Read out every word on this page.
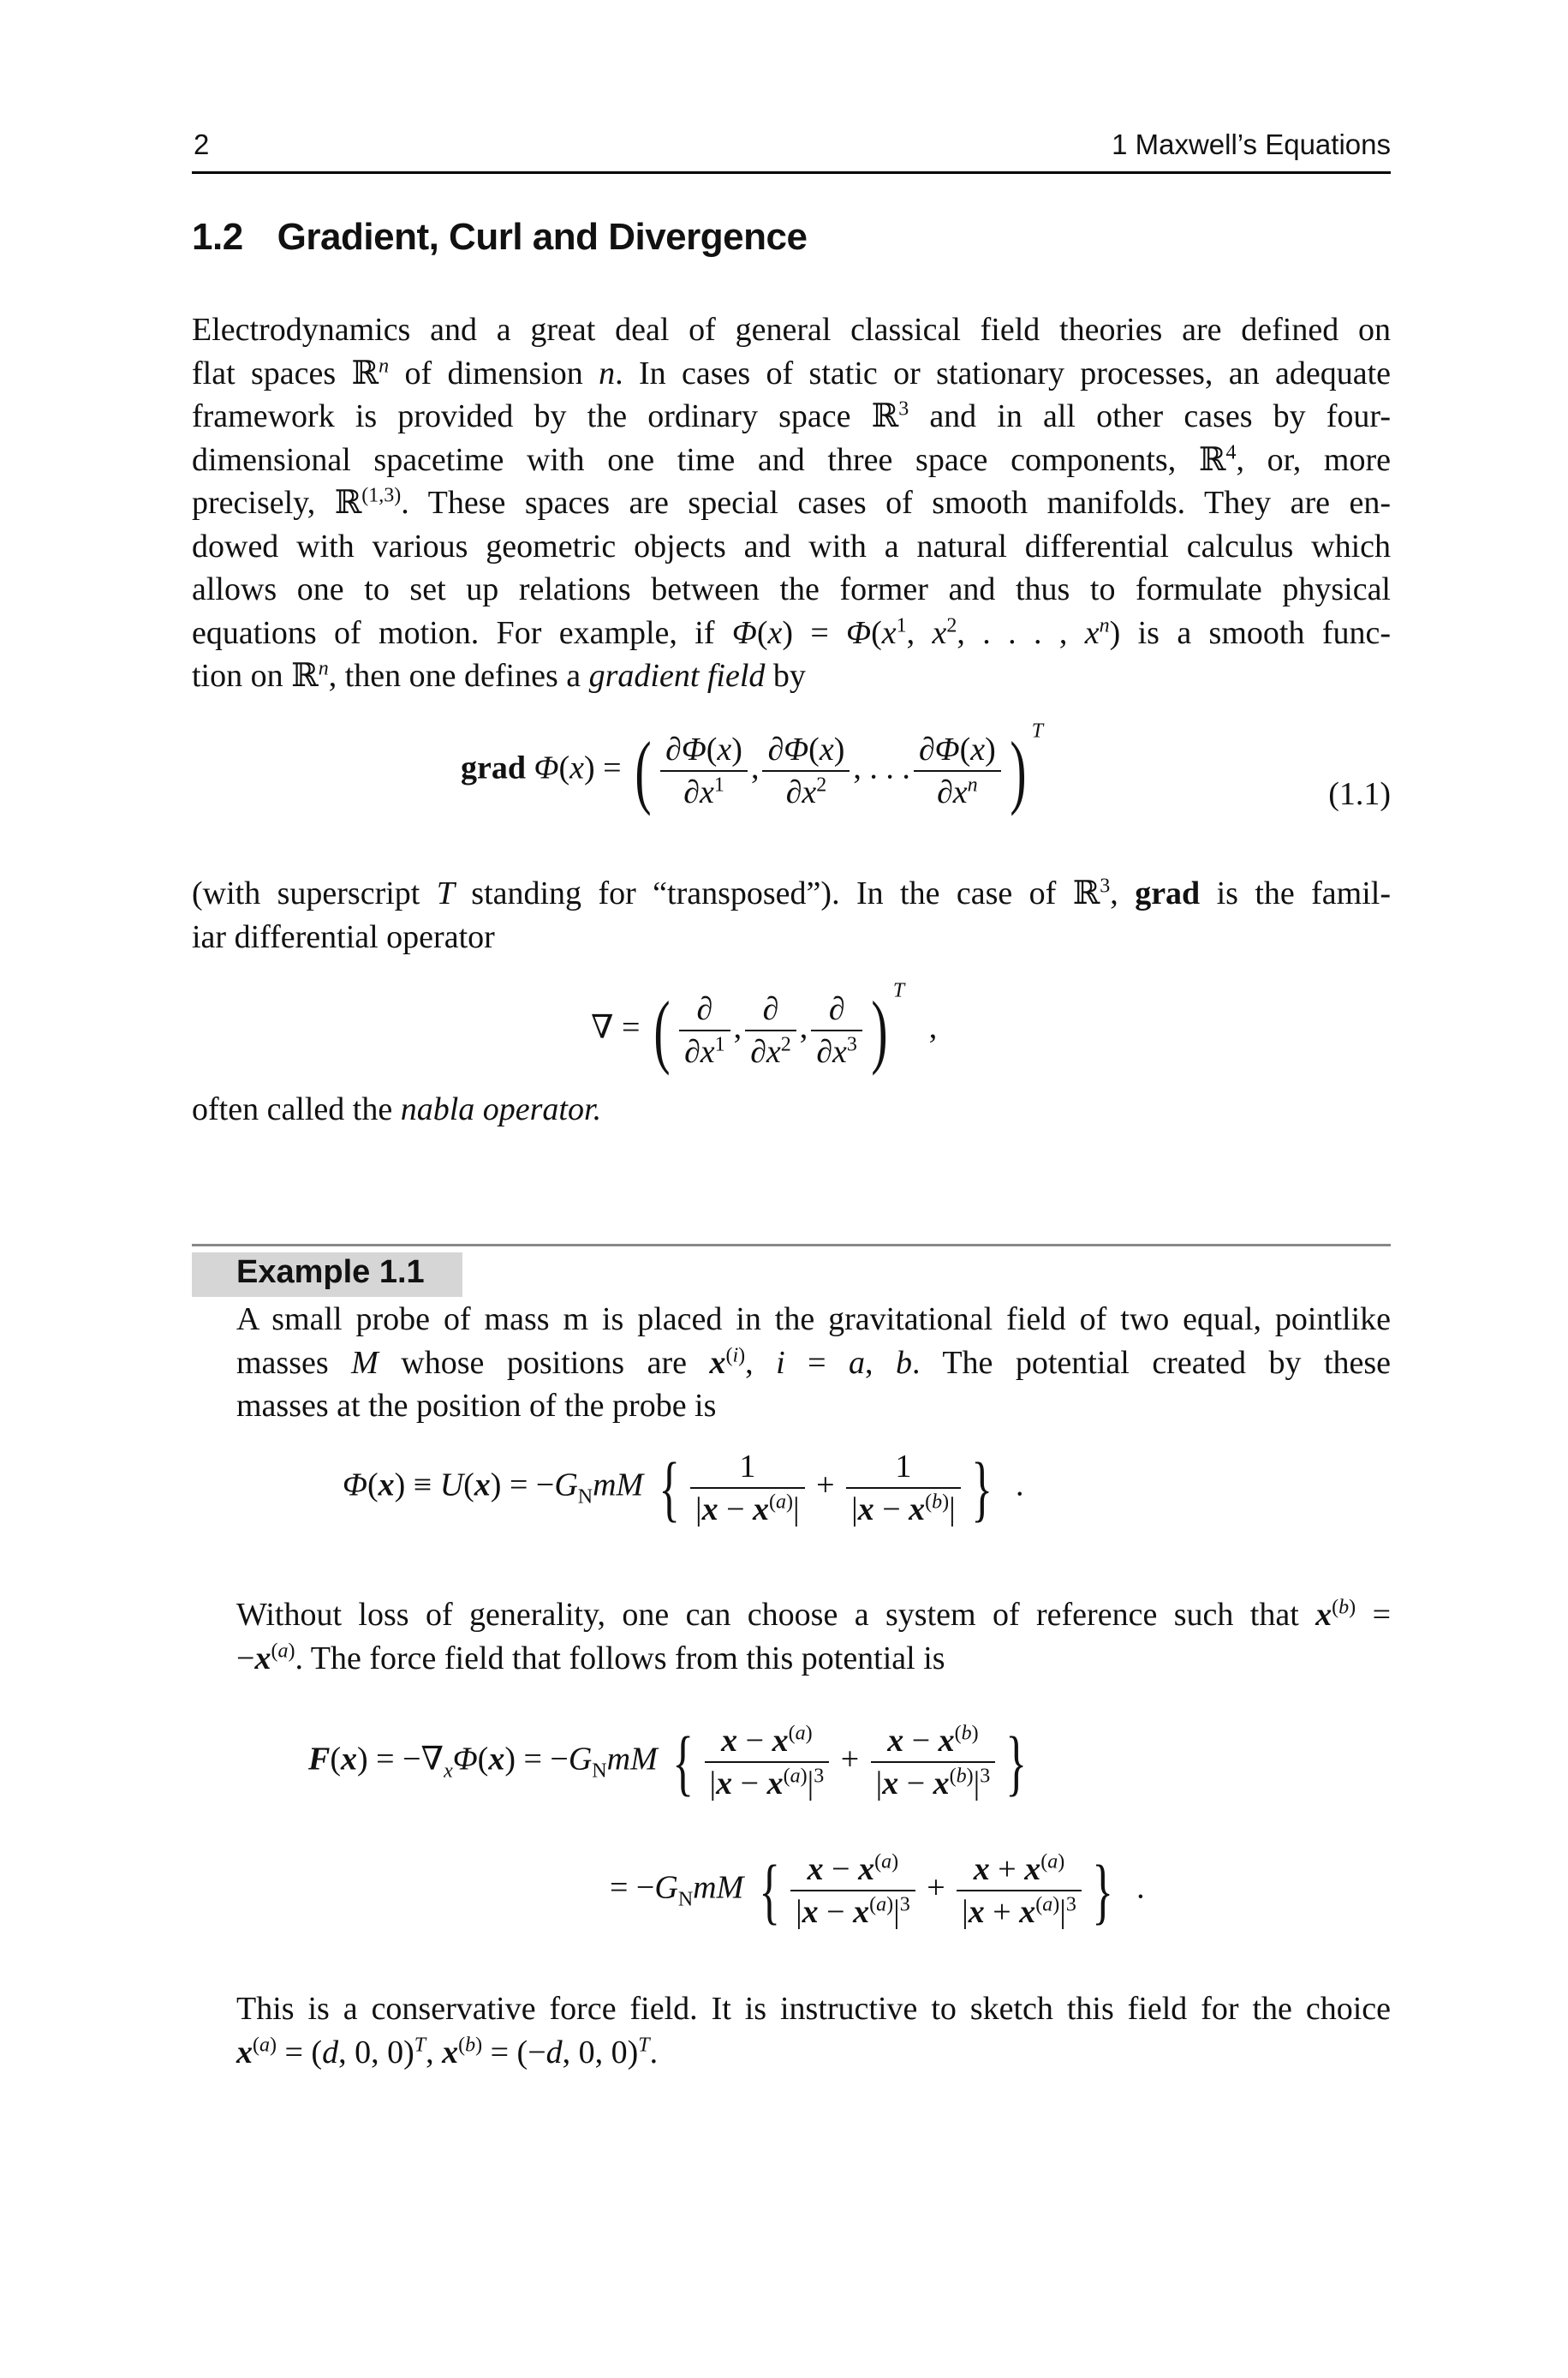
2	1 Maxwell’s Equations
1.2 Gradient, Curl and Divergence
Electrodynamics and a great deal of general classical field theories are defined on
flat spaces ℝ$^n$ of dimension n. In cases of static or stationary processes, an adequate
framework is provided by the ordinary space ℝ$^3$ and in all other cases by four-
dimensional spacetime with one time and three space components, ℝ$^4$, or, more
precisely, ℝ$^{(1,3)}$. These spaces are special cases of smooth manifolds. They are en-
dowed with various geometric objects and with a natural differential calculus which
allows one to set up relations between the former and thus to formulate physical
equations of motion. For example, if $\Phi(x) = \Phi(x^1$, $x^2$, . . . , $x^n$) is a smooth func-
tion on ℝ$^n$, then one defines a gradient field by
grad Φ(x) = ( $\frac{\partial\Phi(x)}{\partial x^1}$ , $\frac{\partial\Phi(x)}{\partial x^2}$ , . . . $\frac{\partial\Phi(x)}{\partial x^n}$ ) $^T$
(1.1)
(with superscript T standing for “transposed”). In the case of ℝ$^3$, grad is the famil-
iar differential operator
∇ = ( $\frac{\partial}{\partial x^1}$ , $\frac{\partial}{\partial x^2}$ , $\frac{\partial}{\partial x^3}$ ) $^T$   ,
often called the nabla operator.
Example 1.1
A small probe of mass m is placed in the gravitational field of two equal, pointlike
masses M whose positions are $x^{(i)}$, i = a, b. The potential created by these
masses at the position of the probe is
$\Phi(x) \equiv U(x) = -G_NmM$ { $\frac{1}{|x - x^{(a)}|} + \frac{1}{|x - x^{(b)}|}$ }  .
Without loss of generality, one can choose a system of reference such that $x^{(b)}$ =
$-x^{(a)}$. The force field that follows from this potential is
$F(x) = -\nabla_x\Phi(x) = -G_NmM$ { $\frac{x - x^{(a)}}{|x - x^{(a)}|^3} + \frac{x - x^{(b)}}{|x - x^{(b)}|^3}$ }
= $-G_NmM$ { $\frac{x - x^{(a)}}{|x - x^{(a)}|^3} + \frac{x + x^{(a)}}{|x + x^{(a)}|^3}$ }  .
This is a conservative force field. It is instructive to sketch this field for the choice
$x^{(a)} = (d$, 0, 0)$^T$, $x^{(b)} = (-d$, 0, 0)$^T$.
